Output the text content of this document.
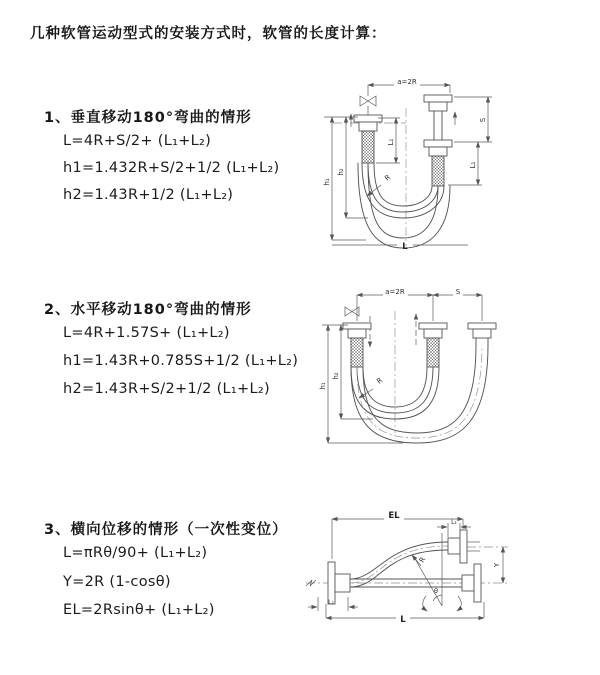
几种软管运动型式的安装方式时，软管的长度计算：
1、垂直移动180°弯曲的情形
L=4R+S/2+ (L₁+L₂)
h1=1.432R+S/2+1/2 (L₁+L₂)
h2=1.43R+1/2 (L₁+L₂)
2、水平移动180°弯曲的情形
L=4R+1.57S+ (L₁+L₂)
h1=1.43R+0.785S+1/2 (L₁+L₂)
h2=1.43R+S/2+1/2 (L₁+L₂)
3、横向位移的情形（一次性变位）
L=πRθ/90+ (L₁+L₂)
Y=2R (1-cosθ)
EL=2Rsinθ+ (L₁+L₂)
a=2R
R
h₁
h₂
L₁
S
L₁
L
a=2R	S
R
h₁
h₂
EL
L₁
Y
R
θ
L₂
L
